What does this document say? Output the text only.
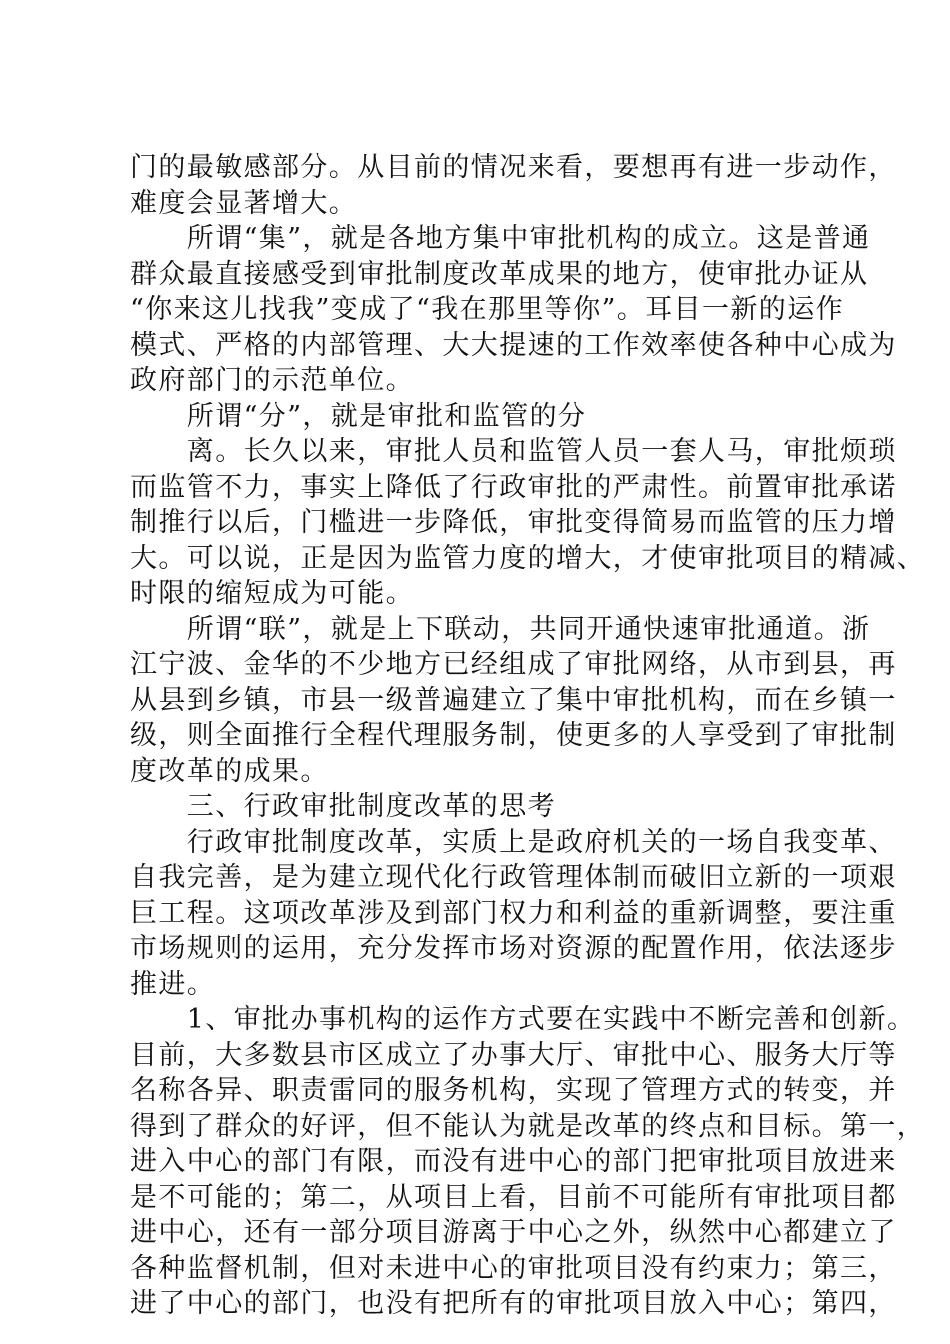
门的最敏感部分。从目前的情况来看，要想再有进一步动作，
难度会显著增大。
　　所谓“集”，就是各地方集中审批机构的成立。这是普通
群众最直接感受到审批制度改革成果的地方，使审批办证从
“你来这儿找我”变成了“我在那里等你”。耳目一新的运作
模式、严格的内部管理、大大提速的工作效率使各种中心成为
政府部门的示范单位。
　　所谓“分”，就是审批和监管的分
　　离。长久以来，审批人员和监管人员一套人马，审批烦琐
而监管不力，事实上降低了行政审批的严肃性。前置审批承诺
制推行以后，门槛进一步降低，审批变得简易而监管的压力增
大。可以说，正是因为监管力度的增大，才使审批项目的精减、
时限的缩短成为可能。
　　所谓“联”，就是上下联动，共同开通快速审批通道。浙
江宁波、金华的不少地方已经组成了审批网络，从市到县，再
从县到乡镇，市县一级普遍建立了集中审批机构，而在乡镇一
级，则全面推行全程代理服务制，使更多的人享受到了审批制
度改革的成果。
　　三、行政审批制度改革的思考
　　行政审批制度改革，实质上是政府机关的一场自我变革、
自我完善，是为建立现代化行政管理体制而破旧立新的一项艰
巨工程。这项改革涉及到部门权力和利益的重新调整，要注重
市场规则的运用，充分发挥市场对资源的配置作用，依法逐步
推进。
　　1、审批办事机构的运作方式要在实践中不断完善和创新。
目前，大多数县市区成立了办事大厅、审批中心、服务大厅等
名称各异、职责雷同的服务机构，实现了管理方式的转变，并
得到了群众的好评，但不能认为就是改革的终点和目标。第一，
进入中心的部门有限，而没有进中心的部门把审批项目放进来
是不可能的；第二，从项目上看，目前不可能所有审批项目都
进中心，还有一部分项目游离于中心之外，纵然中心都建立了
各种监督机制，但对未进中心的审批项目没有约束力；第三，
进了中心的部门，也没有把所有的审批项目放入中心；第四，
